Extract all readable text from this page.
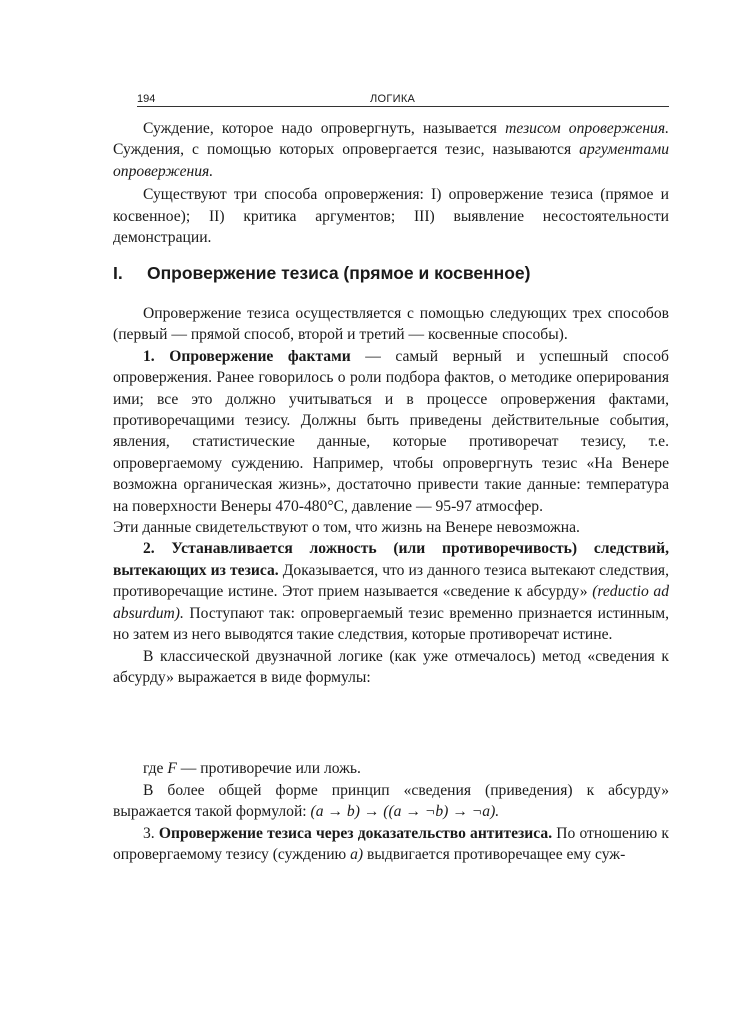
194	ЛОГИКА

Суждение, которое надо опровергнуть, называется тезисом опровержения. Суждения, с помощью которых опровергается тезис, называются аргументами опровержения.

Существуют три способа опровержения: I) опровержение тезиса (прямое и косвенное); II) критика аргументов; III) выявление несостоятельности демонстрации.

I. Опровержение тезиса (прямое и косвенное)

Опровержение тезиса осуществляется с помощью следующих трех способов (первый — прямой способ, второй и третий — косвенные способы).

1. Опровержение фактами — самый верный и успешный способ опровержения. Ранее говорилось о роли подбора фактов, о методике оперирования ими; все это должно учитываться и в процессе опровержения фактами, противоречащими тезису. Должны быть приведены действительные события, явления, статистические данные, которые противоречат тезису, т.е. опровергаемому суждению. Например, чтобы опровергнуть тезис «На Венере возможна органическая жизнь», достаточно привести такие данные: температура на поверхности Венеры 470-480°С, давление — 95-97 атмосфер.

Эти данные свидетельствуют о том, что жизнь на Венере невозможна.

2. Устанавливается ложность (или противоречивость) следствий, вытекающих из тезиса. Доказывается, что из данного тезиса вытекают следствия, противоречащие истине. Этот прием называется «сведение к абсурду» (reductio ad absurdum). Поступают так: опровергаемый тезис временно признается истинным, но затем из него выводятся такие следствия, которые противоречат истине.

В классической двузначной логике (как уже отмечалось) метод «сведения к абсурду» выражается в виде формулы:

где F — противоречие или ложь.

В более общей форме принцип «сведения (приведения) к абсурду» выражается такой формулой: (a → b) → ((a → ¬b) → ¬a).

3. Опровержение тезиса через доказательство антитезиса. По отношению к опровергаемому тезису (суждению а) выдвигается противоречащее ему суж-
